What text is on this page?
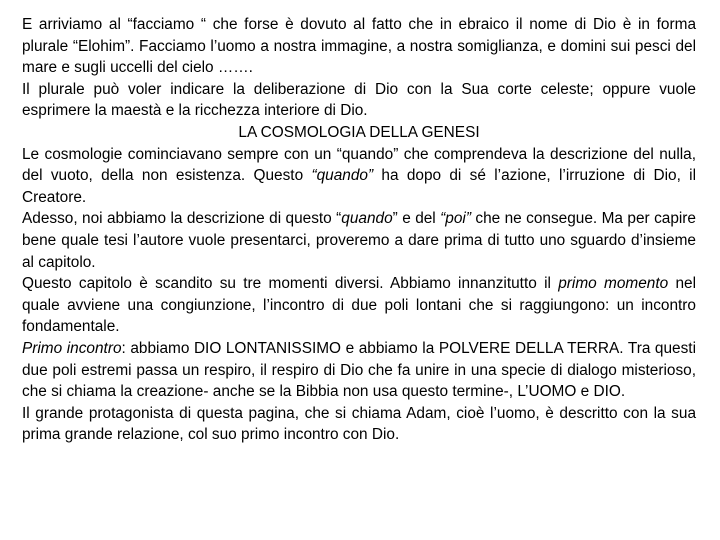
E arriviamo al “facciamo “ che forse è dovuto al fatto che in ebraico il nome di Dio è in forma plurale “Elohim”. Facciamo l’uomo a nostra immagine, a nostra somiglianza, e domini sui pesci del mare e sugli uccelli del cielo …….

Il plurale può voler indicare la deliberazione di Dio con la Sua corte celeste; oppure vuole esprimere la maestà e la ricchezza interiore di Dio.

LA COSMOLOGIA DELLA GENESI

Le cosmologie cominciavano sempre con un “quando” che comprendeva la descrizione del nulla, del vuoto, della non esistenza. Questo “quando” ha dopo di sé l’azione, l’irruzione di Dio, il Creatore.

Adesso, noi abbiamo la descrizione di questo “quando” e del “poi” che ne consegue. Ma per capire bene quale tesi l’autore vuole presentarci, proveremo a dare prima di tutto uno sguardo d’insieme al capitolo.

Questo capitolo è scandito su tre momenti diversi. Abbiamo innanzitutto il primo momento nel quale avviene una congiunzione, l’incontro di due poli lontani che si raggiungono: un incontro fondamentale.

Primo incontro: abbiamo DIO LONTANISSIMO e abbiamo la POLVERE DELLA TERRA. Tra questi due poli estremi passa un respiro, il respiro di Dio che fa unire in una specie di dialogo misterioso, che si chiama la creazione- anche se la Bibbia non usa questo termine-, L’UOMO e DIO.

Il grande protagonista di questa pagina, che si chiama Adam, cioè l’uomo, è descritto con la sua prima grande relazione, col suo primo incontro con Dio.
